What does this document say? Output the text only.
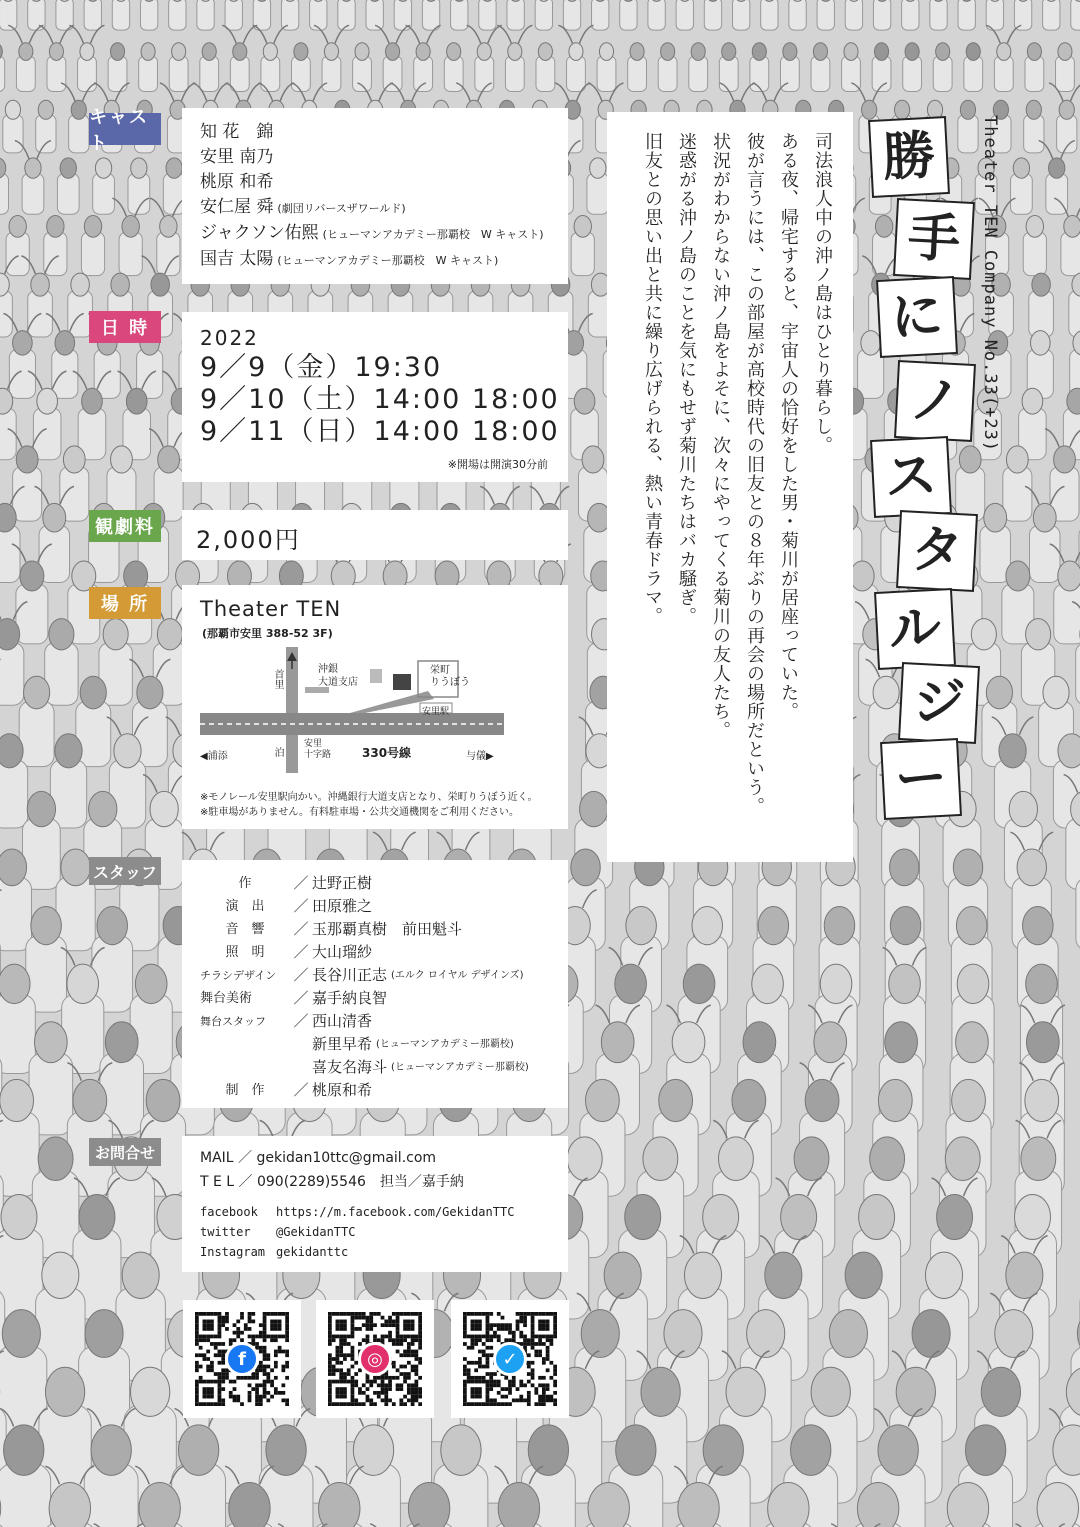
キャスト
知 花　錦
安里 南乃
桃原 和希
安仁屋 舜 (劇団リバースザワールド)
ジャクソン佑熙 (ヒューマンアカデミー那覇校　W キャスト)
国吉 太陽 (ヒューマンアカデミー那覇校　W キャスト)
日 時	2022
9／9（金）19:30
9／10（土）14:00 18:00
9／11（日）14:00 18:00
※開場は開演30分前
観劇料 2,000円
場 所	Theater TEN
(那覇市安里 388-52 3F)
首里
泊
◀浦添	与儀▶
沖銀
大道支店
栄町
りうぼう
安里駅
安里
十字路	330号線
※モノレール安里駅向かい。沖縄銀行大道支店となり、栄町りうぼう近く。
※駐車場がありません。有料駐車場・公共交通機関をご利用ください。
スタッフ
作	／ 辻野正樹
演　出	／ 田原雅之
音　響	／ 玉那覇真樹　前田魁斗
照　明	／ 大山瑠紗
チラシデザイン	／ 長谷川正志 (エルク ロイヤル デザインズ)
舞台美術	／ 嘉手納良智
舞台スタッフ	／ 西山清香
新里早希 (ヒューマンアカデミー那覇校)
喜友名海斗 (ヒューマンアカデミー那覇校)
制　作	／ 桃原和希
お問合せ	MAIL ／ gekidan10ttc@gmail.com
T E L ／ 090(2289)5546　担当／嘉手納
facebook https://m.facebook.com/GekidanTTC
twitter @GekidanTTC
Instagram gekidanttc
f	◎	✓
司法浪人中の沖ノ島はひとり暮らし。
ある夜、帰宅すると、宇宙人の恰好をした男・菊川が居座っていた。
彼が言うには、この部屋が高校時代の旧友との８年ぶりの再会の場所だという。
状況がわからない沖ノ島をよそに、次々にやってくる菊川の友人たち。
迷惑がる沖ノ島のことを気にもせず菊川たちはバカ騒ぎ。
旧友との思い出と共に繰り広げられる、熱い青春ドラマ。	勝
手
に
ノ
ス
タ
ル
ジ
ー
Theater TEN Company No.33(+23)
